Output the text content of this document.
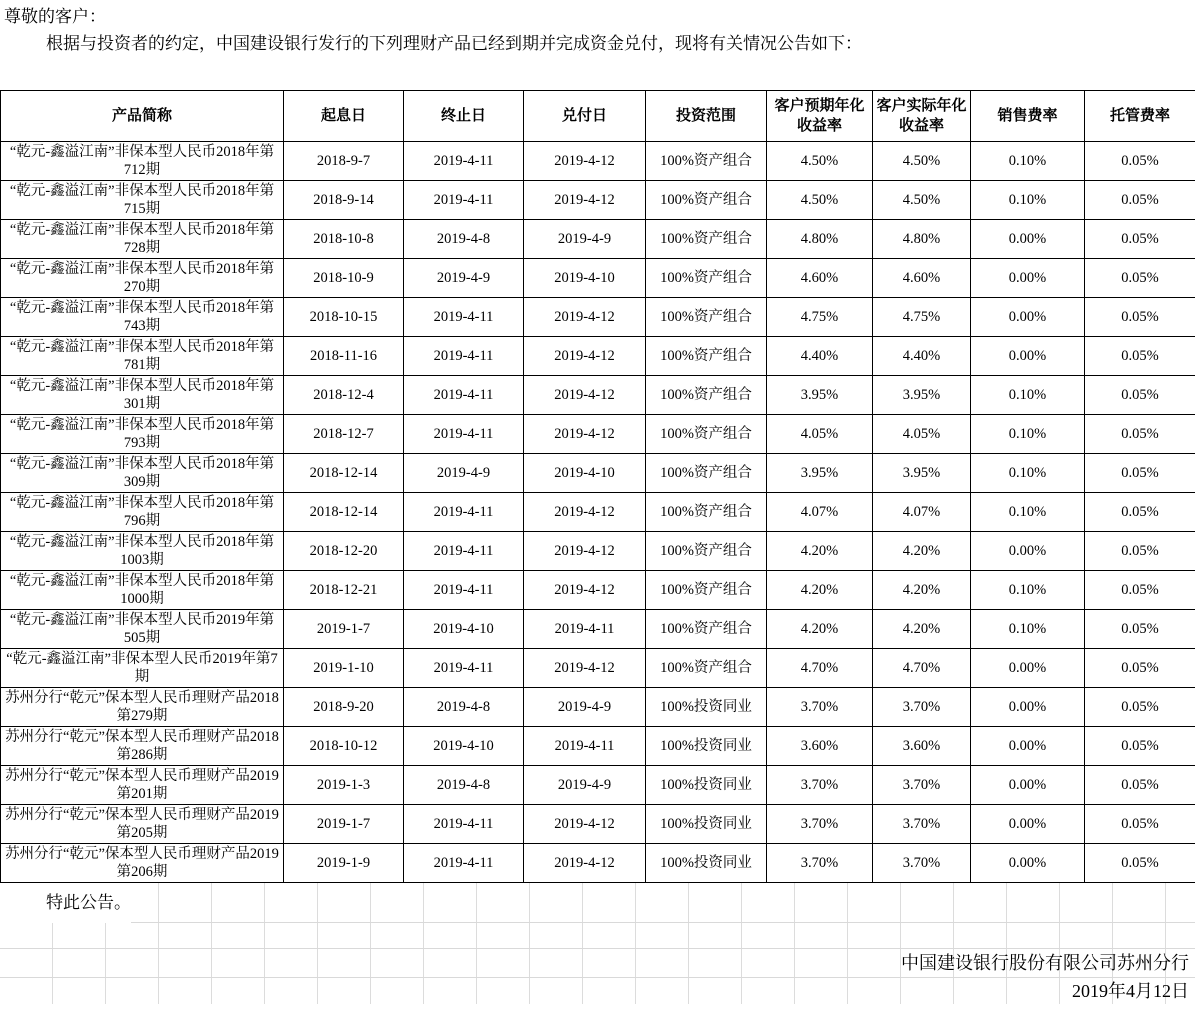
尊敬的客户：
根据与投资者的约定，中国建设银行发行的下列理财产品已经到期并完成资金兑付，现将有关情况公告如下：
产品简称	起息日	终止日	兑付日	投资范围	客户预期年化收益率	客户实际年化收益率	销售费率	托管费率
“乾元-鑫溢江南”非保本型人民币2018年第712期	2018-9-7	2019-4-11	2019-4-12	100%资产组合	4.50%	4.50%	0.10%	0.05%
“乾元-鑫溢江南”非保本型人民币2018年第715期	2018-9-14	2019-4-11	2019-4-12	100%资产组合	4.50%	4.50%	0.10%	0.05%
“乾元-鑫溢江南”非保本型人民币2018年第728期	2018-10-8	2019-4-8	2019-4-9	100%资产组合	4.80%	4.80%	0.00%	0.05%
“乾元-鑫溢江南”非保本型人民币2018年第270期	2018-10-9	2019-4-9	2019-4-10	100%资产组合	4.60%	4.60%	0.00%	0.05%
“乾元-鑫溢江南”非保本型人民币2018年第743期	2018-10-15	2019-4-11	2019-4-12	100%资产组合	4.75%	4.75%	0.00%	0.05%
“乾元-鑫溢江南”非保本型人民币2018年第781期	2018-11-16	2019-4-11	2019-4-12	100%资产组合	4.40%	4.40%	0.00%	0.05%
“乾元-鑫溢江南”非保本型人民币2018年第301期	2018-12-4	2019-4-11	2019-4-12	100%资产组合	3.95%	3.95%	0.10%	0.05%
“乾元-鑫溢江南”非保本型人民币2018年第793期	2018-12-7	2019-4-11	2019-4-12	100%资产组合	4.05%	4.05%	0.10%	0.05%
“乾元-鑫溢江南”非保本型人民币2018年第309期	2018-12-14	2019-4-9	2019-4-10	100%资产组合	3.95%	3.95%	0.10%	0.05%
“乾元-鑫溢江南”非保本型人民币2018年第796期	2018-12-14	2019-4-11	2019-4-12	100%资产组合	4.07%	4.07%	0.10%	0.05%
“乾元-鑫溢江南”非保本型人民币2018年第1003期	2018-12-20	2019-4-11	2019-4-12	100%资产组合	4.20%	4.20%	0.00%	0.05%
“乾元-鑫溢江南”非保本型人民币2018年第1000期	2018-12-21	2019-4-11	2019-4-12	100%资产组合	4.20%	4.20%	0.10%	0.05%
“乾元-鑫溢江南”非保本型人民币2019年第505期	2019-1-7	2019-4-10	2019-4-11	100%资产组合	4.20%	4.20%	0.10%	0.05%
“乾元-鑫溢江南”非保本型人民币2019年第7期	2019-1-10	2019-4-11	2019-4-12	100%资产组合	4.70%	4.70%	0.00%	0.05%
苏州分行“乾元”保本型人民币理财产品2018第279期	2018-9-20	2019-4-8	2019-4-9	100%投资同业	3.70%	3.70%	0.00%	0.05%
苏州分行“乾元”保本型人民币理财产品2018第286期	2018-10-12	2019-4-10	2019-4-11	100%投资同业	3.60%	3.60%	0.00%	0.05%
苏州分行“乾元”保本型人民币理财产品2019第201期	2019-1-3	2019-4-8	2019-4-9	100%投资同业	3.70%	3.70%	0.00%	0.05%
苏州分行“乾元”保本型人民币理财产品2019第205期	2019-1-7	2019-4-11	2019-4-12	100%投资同业	3.70%	3.70%	0.00%	0.05%
苏州分行“乾元”保本型人民币理财产品2019第206期	2019-1-9	2019-4-11	2019-4-12	100%投资同业	3.70%	3.70%	0.00%	0.05%
特此公告。
中国建设银行股份有限公司苏州分行
2019年4月12日
